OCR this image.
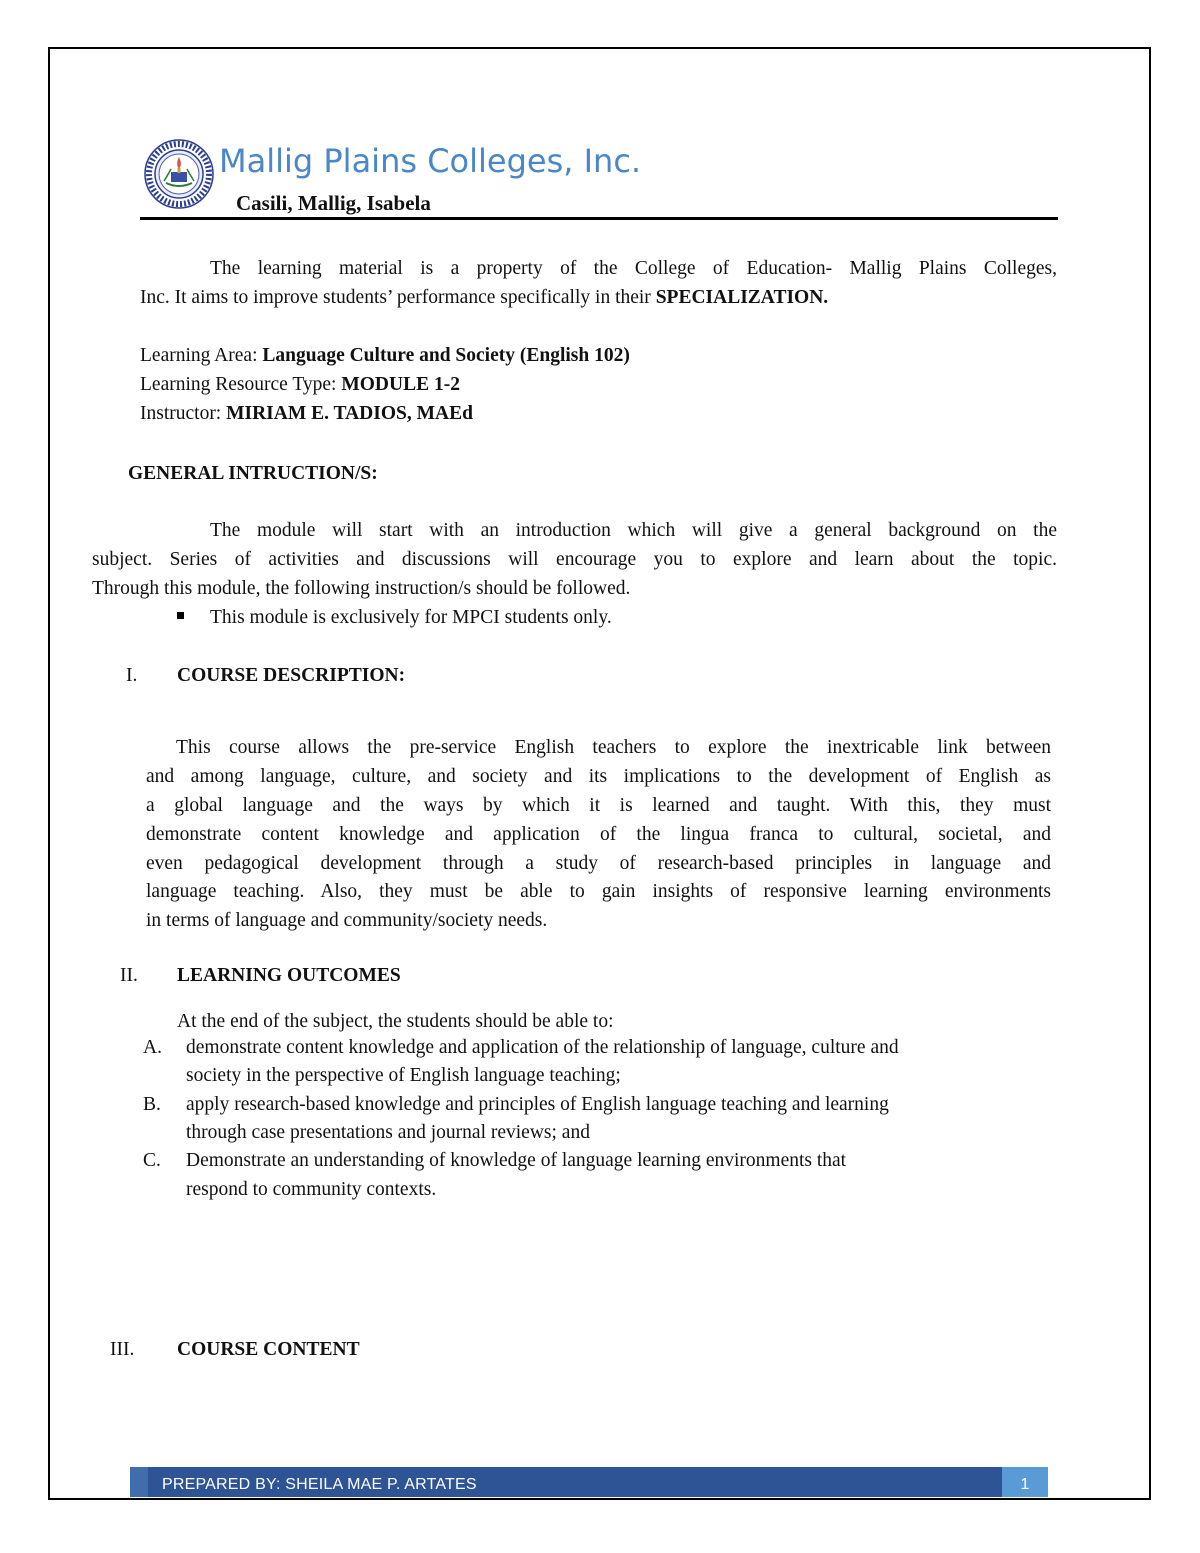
Mallig Plains Colleges, Inc.
Casili, Mallig, Isabela
The learning material is a property of the College of Education- Mallig Plains Colleges,
Inc. It aims to improve students’ performance specifically in their SPECIALIZATION.
Learning Area: Language Culture and Society (English 102)
Learning Resource Type: MODULE 1-2
Instructor: MIRIAM E. TADIOS, MAEd
GENERAL INTRUCTION/S:
The module will start with an introduction which will give a general background on the
subject. Series of activities and discussions will encourage you to explore and learn about the topic.
Through this module, the following instruction/s should be followed.
This module is exclusively for MPCI students only.
I. COURSE DESCRIPTION:
This course allows the pre-service English teachers to explore the inextricable link between
and among language, culture, and society and its implications to the development of English as
a global language and the ways by which it is learned and taught. With this, they must
demonstrate content knowledge and application of the lingua franca to cultural, societal, and
even pedagogical development through a study of research-based principles in language and
language teaching. Also, they must be able to gain insights of responsive learning environments
in terms of language and community/society needs.
II. LEARNING OUTCOMES
At the end of the subject, the students should be able to:
A. demonstrate content knowledge and application of the relationship of language, culture and
society in the perspective of English language teaching;
B. apply research-based knowledge and principles of English language teaching and learning
through case presentations and journal reviews; and
C. Demonstrate an understanding of knowledge of language learning environments that
respond to community contexts.
III. COURSE CONTENT
PREPARED BY: SHEILA MAE P. ARTATES	1
